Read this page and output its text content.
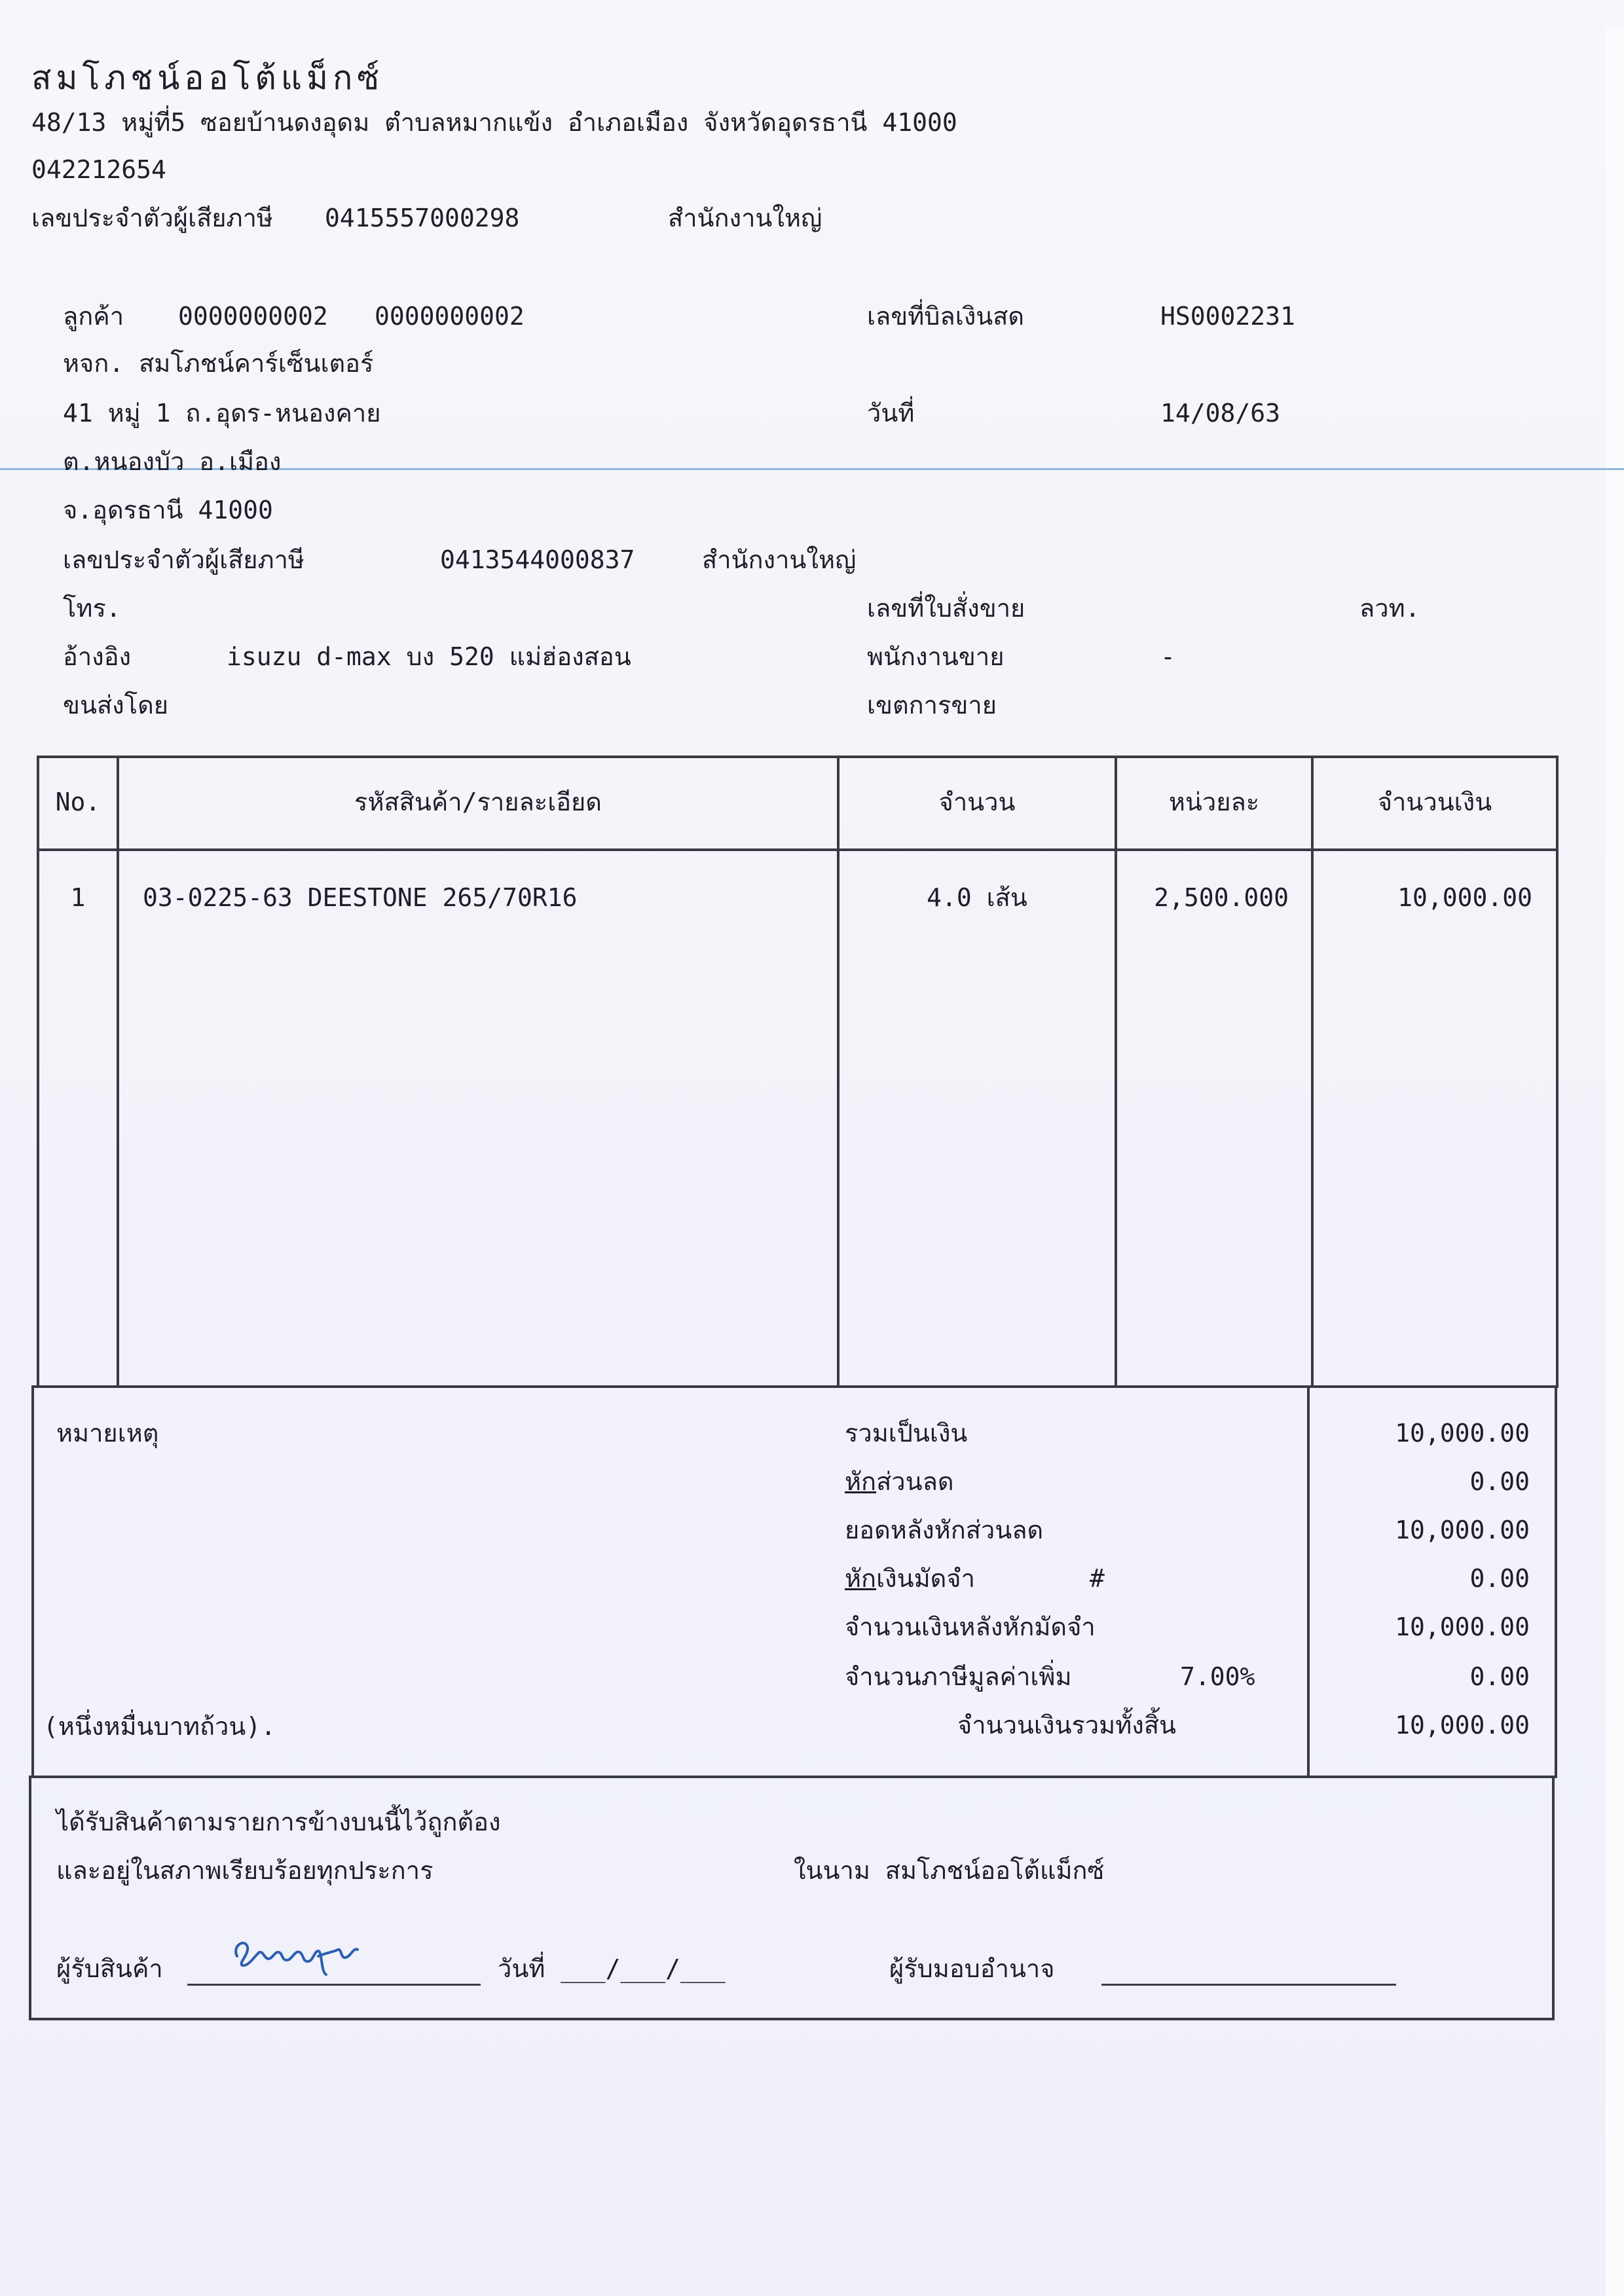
สมโภชน์ออโต้แม็กซ์
48/13 หมู่ที่5 ซอยบ้านดงอุดม ตำบลหมากแข้ง อำเภอเมือง จังหวัดอุดรธานี 41000
042212654
เลขประจำตัวผู้เสียภาษี 0415557000298	สำนักงานใหญ่
ลูกค้า 0000000002 0000000002
หจก. สมโภชน์คาร์เซ็นเตอร์
41 หมู่ 1 ถ.อุดร-หนองคาย
ต.หนองบัว อ.เมือง
จ.อุดรธานี 41000
เลขประจำตัวผู้เสียภาษี	0413544000837	สำนักงานใหญ่
โทร.
อ้างอิง	isuzu d-max บง 520 แม่ฮ่องสอน
ขนส่งโดย
เลขที่บิลเงินสด	HS0002231
วันที่	14/08/63
เลขที่ใบสั่งขาย	ลวท.
พนักงานขาย	-
เขตการขาย
No.	รหัสสินค้า/รายละเอียด	จำนวน	หน่วยละ	จำนวนเงิน
1	03-0225-63 DEESTONE 265/70R16	4.0 เส้น	2,500.000	10,000.00
หมายเหตุ
(หนึ่งหมื่นบาทถ้วน).
รวมเป็นเงิน	10,000.00
หักส่วนลด	0.00
ยอดหลังหักส่วนลด	10,000.00
หักเงินมัดจำ	#	0.00
จำนวนเงินหลังหักมัดจำ	10,000.00
จำนวนภาษีมูลค่าเพิ่ม	7.00%	0.00
จำนวนเงินรวมทั้งสิ้น	10,000.00
ได้รับสินค้าตามรายการข้างบนนี้ไว้ถูกต้อง
และอยู่ในสภาพเรียบร้อยทุกประการ	ในนาม สมโภชน์ออโต้แม็กซ์
ผู้รับสินค้า	วันที่ ___/___/___	ผู้รับมอบอำนาจ
